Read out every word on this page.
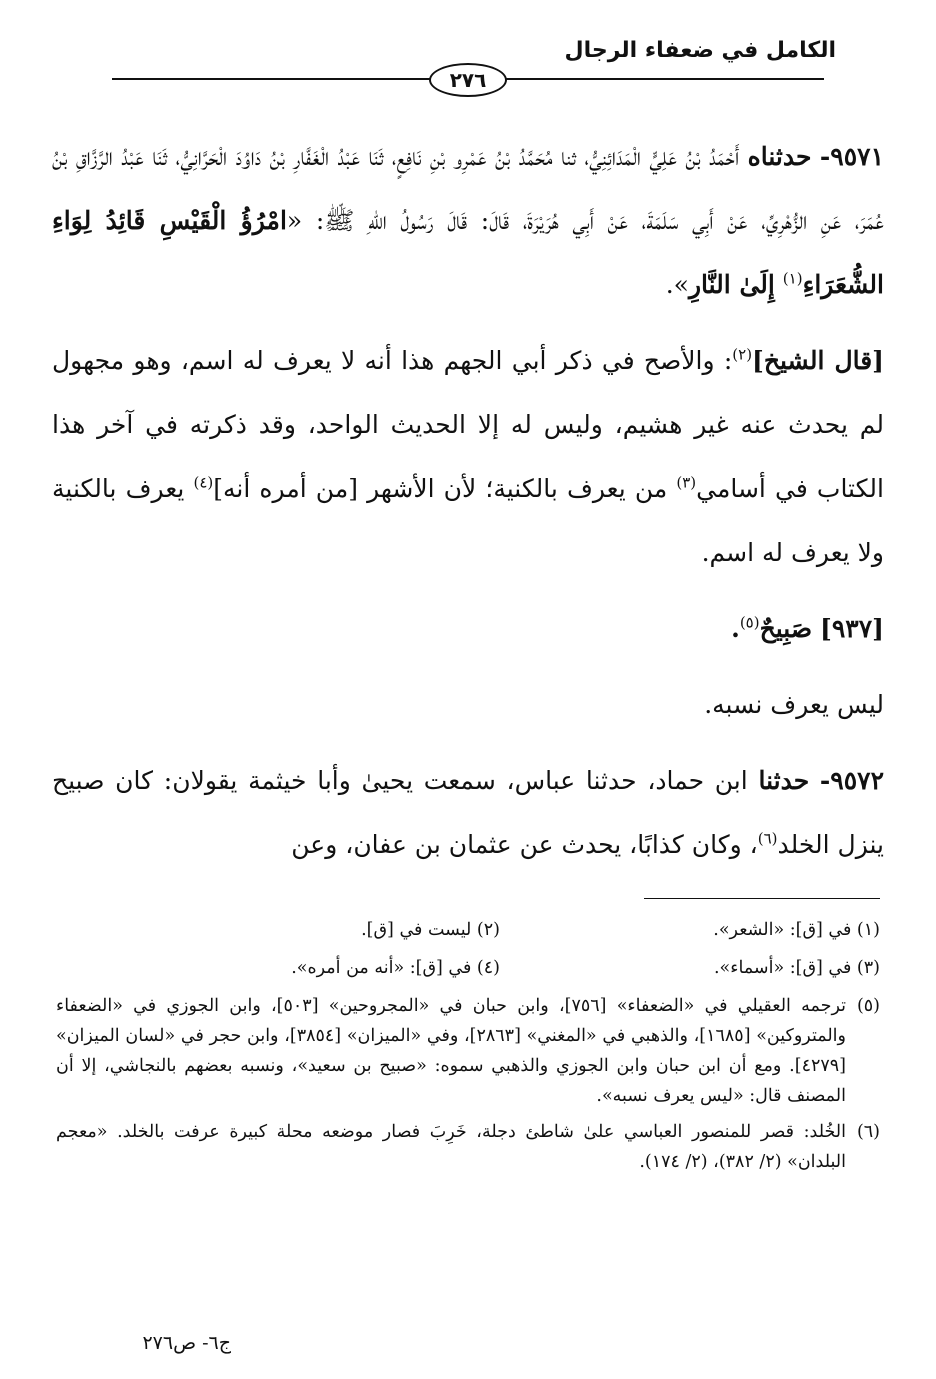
الكامل في ضعفاء الرجال
٢٧٦

٩٥٧١- حدثناه أَحْمَدُ بْنُ عَلِيٍّ الْمَدَائِنِيُّ، ثنا مُحَمَّدُ بْنُ عَمْرِو بْنِ نَافِعٍ، ثَنَا عَبْدُ الْغَفَّارِ بْنُ دَاوُدَ الْحَرَّانِيُّ، ثَنَا عَبْدُ الرَّزَّاقِ بْنُ عُمَرَ، عَنِ الزُّهْرِيِّ، عَنْ أَبِي سَلَمَةَ، عَنْ أَبِي هُرَيْرَةَ، قَالَ: قَالَ رَسُولُ اللهِ ﷺ: «امْرُؤُ الْقَيْسِ قَائِدُ لِوَاءِ الشُّعَرَاءِ$^{(١)}$ إِلَىٰ النَّارِ».

[قال الشيخ]$^{(٢)}$: والأصح في ذكر أبي الجهم هذا أنه لا يعرف له اسم، وهو مجهول لم يحدث عنه غير هشيم، وليس له إلا الحديث الواحد، وقد ذكرته في آخر هذا الكتاب في أسامي$^{(٣)}$ من يعرف بالكنية؛ لأن الأشهر [من أمره أنه]$^{(٤)}$ يعرف بالكنية ولا يعرف له اسم.

[٩٣٧] صَبِيحٌ$^{(٥)}$.

ليس يعرف نسبه.

٩٥٧٢- حدثنا ابن حماد، حدثنا عباس، سمعت يحيىٰ وأبا خيثمة يقولان: كان صبيح ينزل الخلد$^{(٦)}$، وكان كذابًا، يحدث عن عثمان بن عفان، وعن

(١) في [ق]: «الشعر».
(٢) ليست في [ق].
(٣) في [ق]: «أسماء».
(٤) في [ق]: «أنه من أمره».
(٥)
ترجمه العقيلي في «الضعفاء» [٧٥٦]، وابن حبان في «المجروحين» [٥٠٣]، وابن الجوزي في «الضعفاء والمتروكين» [١٦٨٥]، والذهبي في «المغني» [٢٨٦٣]، وفي «الميزان» [٣٨٥٤]، وابن حجر في «لسان الميزان» [٤٢٧٩]. ومع أن ابن حبان وابن الجوزي والذهبي سموه: «صبيح بن سعيد»، ونسبه بعضهم بالنجاشي، إلا أن المصنف قال: «ليس يعرف نسبه».
(٦)
الخُلد: قصر للمنصور العباسي علىٰ شاطئ دجلة، خَرِبَ فصار موضعه محلة كبيرة عرفت بالخلد. «معجم البلدان» (٢/ ٣٨٢)، (٢/ ١٧٤).
ج٦- ص٢٧٦
